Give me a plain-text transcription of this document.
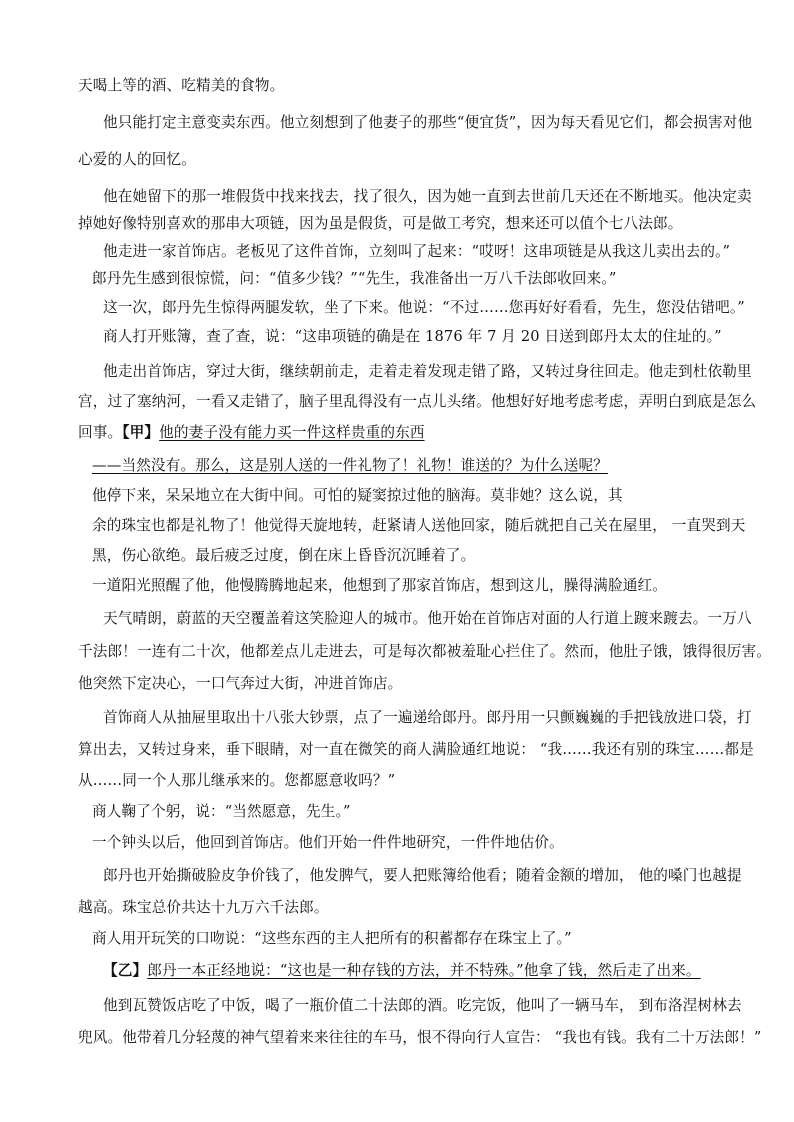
天喝上等的酒、吃精美的食物。
他只能打定主意变卖东西。他立刻想到了他妻子的那些“便宜货”，因为每天看见它们，都会损害对他
心爱的人的回忆。
他在她留下的那一堆假货中找来找去，找了很久，因为她一直到去世前几天还在不断地买。他决定卖
掉她好像特别喜欢的那串大项链，因为虽是假货，可是做工考究，想来还可以值个七八法郎。
他走进一家首饰店。老板见了这件首饰，立刻叫了起来：“哎呀！这串项链是从我这儿卖出去的。”
郎丹先生感到很惊慌，问：“值多少钱？”“先生，我准备出一万八千法郎收回来。”
这一次，郎丹先生惊得两腿发软，坐了下来。他说：“不过……您再好好看看，先生，您没估错吧。”
商人打开账簿，查了查，说：“这串项链的确是在 1876 年 7 月 20 日送到郎丹太太的住址的。”
他走出首饰店，穿过大街，继续朝前走，走着走着发现走错了路，又转过身往回走。他走到杜依勒里
宫，过了塞纳河，一看又走错了，脑子里乱得没有一点儿头绪。他想好好地考虑考虑，弄明白到底是怎么
回事。【甲】他的妻子没有能力买一件这样贵重的东西
——当然没有。那么，这是别人送的一件礼物了！礼物！谁送的？为什么送呢？
他停下来，呆呆地立在大街中间。可怕的疑窦掠过他的脑海。莫非她？这么说，其
余的珠宝也都是礼物了！他觉得天旋地转，赶紧请人送他回家，随后就把自己关在屋里， 一直哭到天
黑，伤心欲绝。最后疲乏过度，倒在床上昏昏沉沉睡着了。
一道阳光照醒了他，他慢腾腾地起来，他想到了那家首饰店，想到这儿，臊得满脸通红。
天气晴朗，蔚蓝的天空覆盖着这笑脸迎人的城市。他开始在首饰店对面的人行道上踱来踱去。一万八
千法郎！一连有二十次，他都差点儿走进去，可是每次都被羞耻心拦住了。然而，他肚子饿，饿得很厉害。
他突然下定决心，一口气奔过大街，冲进首饰店。
首饰商人从抽屉里取出十八张大钞票，点了一遍递给郎丹。郎丹用一只颤巍巍的手把钱放进口袋，打
算出去，又转过身来，垂下眼睛，对一直在微笑的商人满脸通红地说： “我……我还有别的珠宝……都是
从……同一个人那儿继承来的。您都愿意收吗？”
商人鞠了个躬，说：“当然愿意，先生。”
一个钟头以后，他回到首饰店。他们开始一件件地研究，一件件地估价。
郎丹也开始撕破脸皮争价钱了，他发脾气，要人把账簿给他看；随着金额的增加， 他的嗓门也越提
越高。珠宝总价共达十九万六千法郎。
商人用开玩笑的口吻说：“这些东西的主人把所有的积蓄都存在珠宝上了。”
【乙】郎丹一本正经地说：“这也是一种存钱的方法，并不特殊。”他拿了钱，然后走了出来。
他到瓦赞饭店吃了中饭，喝了一瓶价值二十法郎的酒。吃完饭，他叫了一辆马车， 到布洛涅树林去
兜风。他带着几分轻蔑的神气望着来来往往的车马，恨不得向行人宣告： “我也有钱。我有二十万法郎！”
